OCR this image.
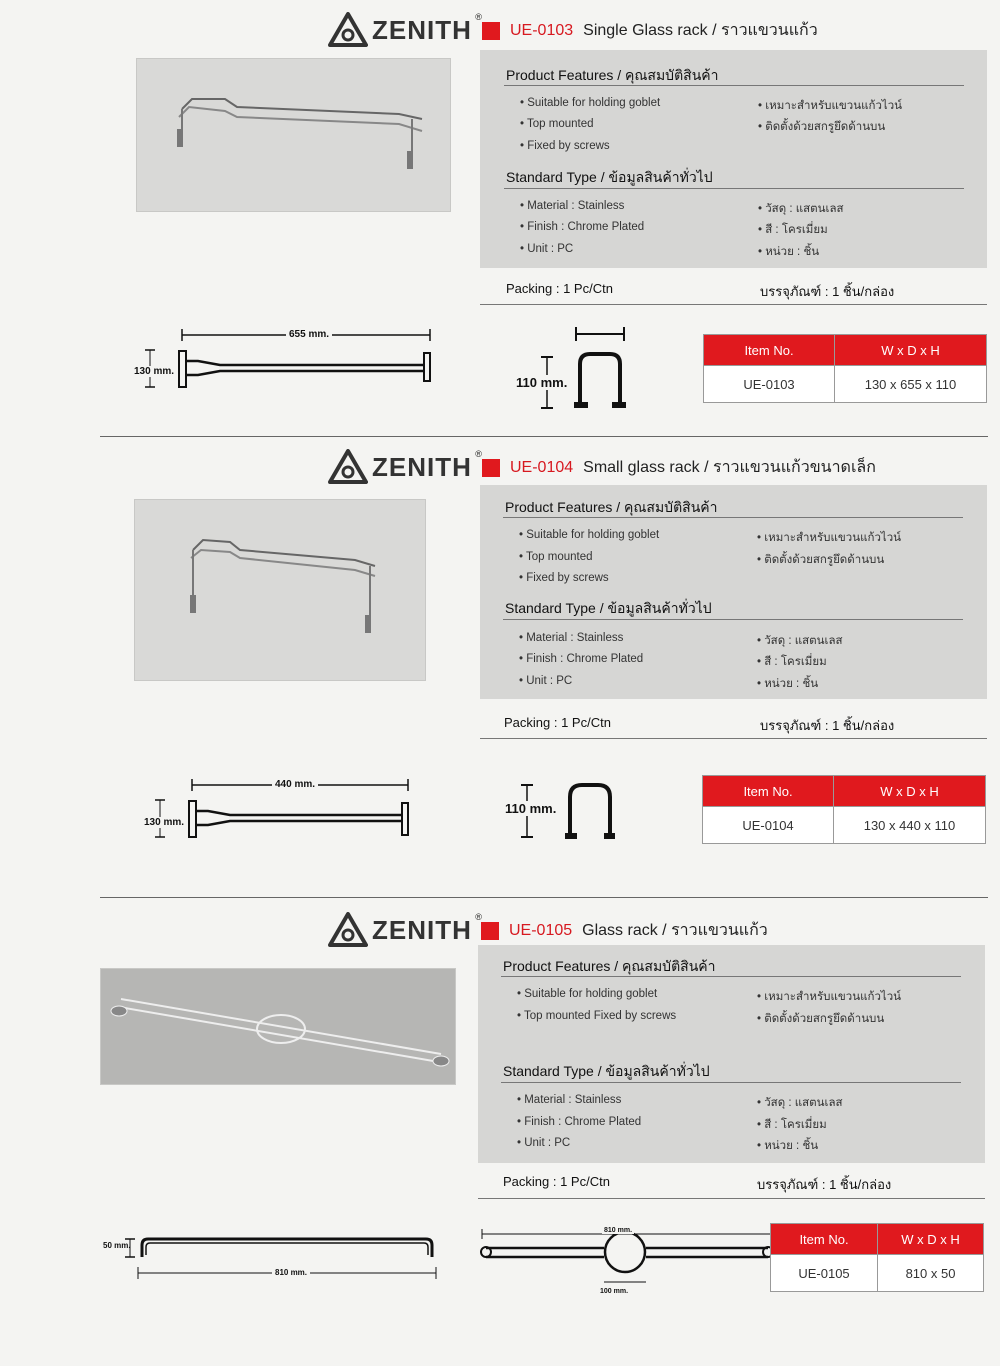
ZENITH ®
UE-0103 Single Glass rack / ราวแขวนแก้ว
Product Features / คุณสมบัติสินค้า
• Suitable for holding goblet
• Top mounted
• Fixed by screws
• เหมาะสำหรับแขวนแก้วไวน์
• ติดตั้งด้วยสกรูยึดด้านบน
Standard Type / ข้อมูลสินค้าทั่วไป
• Material : Stainless
• Finish : Chrome Plated
• Unit : PC
• วัสดุ : แสตนเลส
• สี : โครเมี่ยม
• หน่วย : ชิ้น
Packing : 1 Pc/Ctn	บรรจุภัณฑ์ : 1 ชิ้น/กล่อง
655 mm.
130 mm.
110 mm.
Item No.	W x D x H
UE-0103	130 x 655 x 110
ZENITH ®
UE-0104 Small glass rack / ราวแขวนแก้วขนาดเล็ก
Product Features / คุณสมบัติสินค้า
• Suitable for holding goblet
• Top mounted
• Fixed by screws
• เหมาะสำหรับแขวนแก้วไวน์
• ติดตั้งด้วยสกรูยึดด้านบน
Standard Type / ข้อมูลสินค้าทั่วไป
• Material : Stainless
• Finish : Chrome Plated
• Unit : PC
• วัสดุ : แสตนเลส
• สี : โครเมี่ยม
• หน่วย : ชิ้น
Packing : 1 Pc/Ctn	บรรจุภัณฑ์ : 1 ชิ้น/กล่อง
440 mm.
130 mm.
110 mm.
Item No.	W x D x H
UE-0104	130 x 440 x 110
ZENITH ®
UE-0105 Glass rack / ราวแขวนแก้ว
Product Features / คุณสมบัติสินค้า
• Suitable for holding goblet
• Top mounted Fixed by screws
• เหมาะสำหรับแขวนแก้วไวน์
• ติดตั้งด้วยสกรูยึดด้านบน
Standard Type / ข้อมูลสินค้าทั่วไป
• Material : Stainless
• Finish : Chrome Plated
• Unit : PC
• วัสดุ : แสตนเลส
• สี : โครเมี่ยม
• หน่วย : ชิ้น
Packing : 1 Pc/Ctn	บรรจุภัณฑ์ : 1 ชิ้น/กล่อง
50 mm.
810 mm.
810 mm.
100 mm.
Item No.	W x D x H
UE-0105	810 x 50
